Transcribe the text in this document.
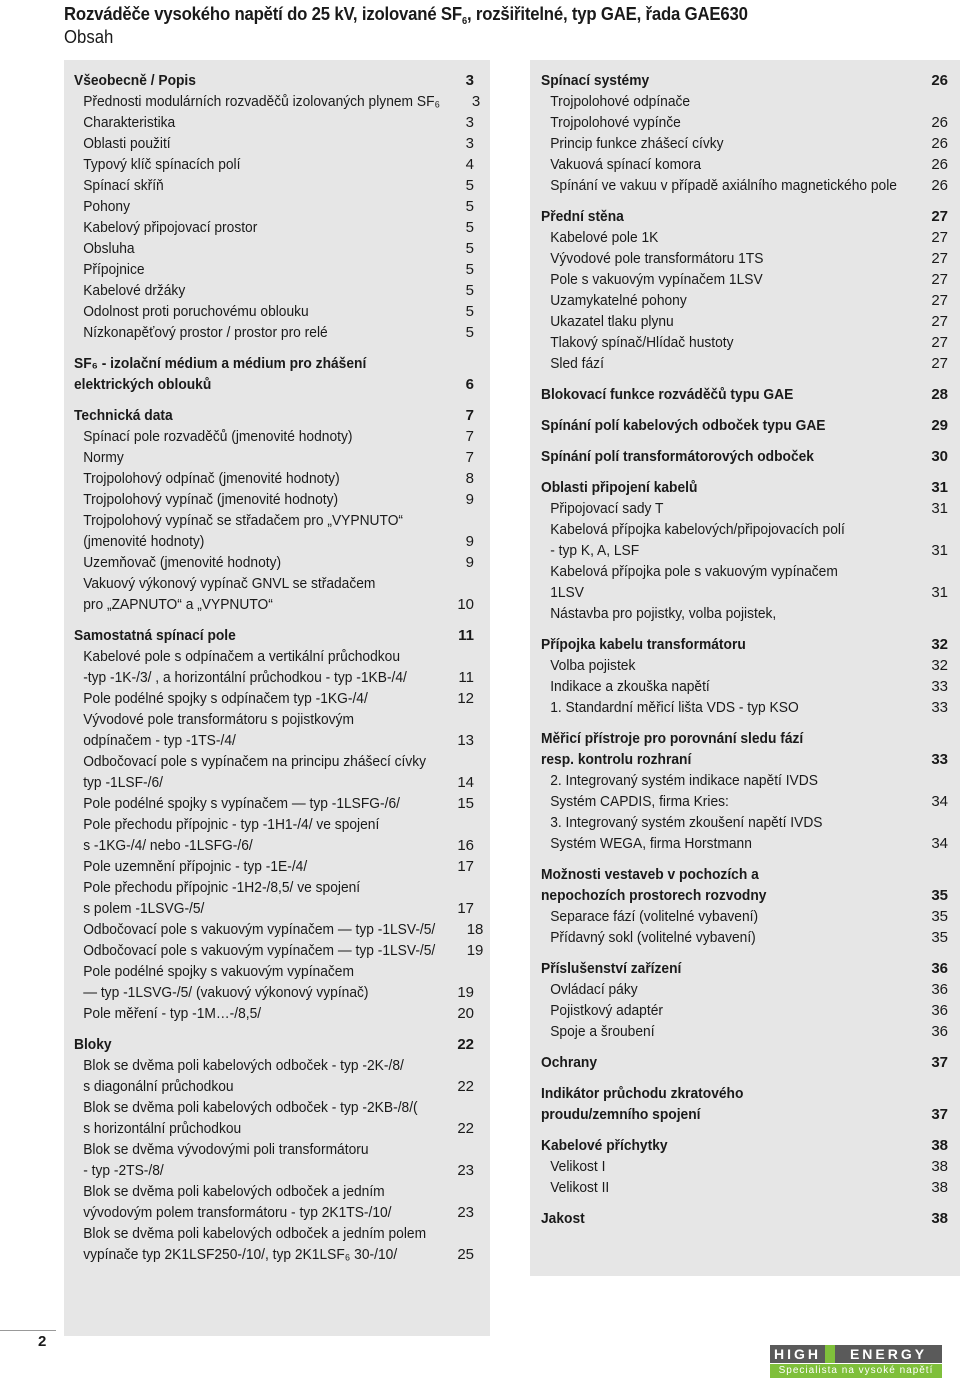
Rozváděče vysokého napětí do 25 kV, izolované $SF_6$, rozšiřitelné, typ GAE, řada GAE630
Obsah
Všeobecně / Popis	3
Přednosti modulárních rozvaděčů izolovaných plynem SF₆ 3
Charakteristika	3
Oblasti použití	3
Typový klíč spínacích polí	4
Spínací skříň	5
Pohony	5
Kabelový připojovací prostor	5
Obsluha	5
Přípojnice	5
Kabelové držáky	5
Odolnost proti poruchovému oblouku	5
Nízkonapěťový prostor / prostor pro relé	5
SF₆ - izolační médium a médium pro zhášení
elektrických oblouků	6
Technická data	7
Spínací pole rozvaděčů (jmenovité hodnoty)	7
Normy	7
Trojpolohový odpínač (jmenovité hodnoty)	8
Trojpolohový vypínač (jmenovité hodnoty)	9
Trojpolohový vypínač se střadačem pro „VYPNUTO“
(jmenovité hodnoty)	9
Uzemňovač (jmenovité hodnoty)	9
Vakuový výkonový vypínač GNVL se střadačem
pro „ZAPNUTO“ a „VYPNUTO“	10
Samostatná spínací pole	11
Kabelové pole s odpínačem a vertikální průchodkou
-typ -1K-/3/ , a horizontální průchodkou - typ -1KB-/4/	11
Pole podélné spojky s odpínačem typ -1KG-/4/	12
Vývodové pole transformátoru s pojistkovým
odpínačem - typ -1TS-/4/	13
Odbočovací pole s vypínačem na principu zhášecí cívky
typ -1LSF-/6/	14
Pole podélné spojky s vypínačem — typ -1LSFG-/6/	15
Pole přechodu přípojnic - typ -1H1-/4/ ve spojení
s -1KG-/4/ nebo -1LSFG-/6/	16
Pole uzemnění přípojnic - typ -1E-/4/	17
Pole přechodu přípojnic -1H2-/8,5/ ve spojení
s polem -1LSVG-/5/	17
Odbočovací pole s vakuovým vypínačem — typ -1LSV-/5/ 18
Odbočovací pole s vakuovým vypínačem — typ -1LSV-/5/ 19
Pole podélné spojky s vakuovým vypínačem
— typ -1LSVG-/5/ (vakuový výkonový vypínač)	19
Pole měření - typ -1M…-/8,5/	20
Bloky	22
Blok se dvěma poli kabelových odboček - typ -2K-/8/
s diagonální průchodkou	22
Blok se dvěma poli kabelových odboček - typ -2KB-/8/(
s horizontální průchodkou	22
Blok se dvěma vývodovými poli transformátoru
- typ -2TS-/8/	23
Blok se dvěma poli kabelových odboček a jedním
vývodovým polem transformátoru - typ 2K1TS-/10/	23
Blok se dvěma poli kabelových odboček a jedním polem
vypínače typ 2K1LSF250-/10/, typ 2K1LSF₆ 30-/10/	25
Spínací systémy	26
Trojpolohové odpínače
Trojpolohové vypínče	26
Princip funkce zhášecí cívky	26
Vakuová spínací komora	26
Spínání ve vakuu v případě axiálního magnetického pole 26
Přední stěna	27
Kabelové pole 1K	27
Vývodové pole transformátoru 1TS	27
Pole s vakuovým vypínačem 1LSV	27
Uzamykatelné pohony	27
Ukazatel tlaku plynu	27
Tlakový spínač/Hlídač hustoty	27
Sled fází	27
Blokovací funkce rozváděčů typu GAE	28
Spínání polí kabelových odboček typu GAE	29
Spínání polí transformátorových odboček	30
Oblasti připojení kabelů	31
Připojovací sady T	31
Kabelová přípojka kabelových/připojovacích polí
- typ K, A, LSF	31
Kabelová přípojka pole s vakuovým vypínačem
1LSV	31
Nástavba pro pojistky, volba pojistek,
Přípojka kabelu transformátoru	32
Volba pojistek	32
Indikace a zkouška napětí	33
1. Standardní měřicí lišta VDS - typ KSO	33
Měřicí přístroje pro porovnání sledu fází
resp. kontrolu rozhraní	33
2. Integrovaný systém indikace napětí IVDS
Systém CAPDIS, firma Kries:	34
3. Integrovaný systém zkoušení napětí IVDS
Systém WEGA, firma Horstmann	34
Možnosti vestaveb v pochozích a
nepochozích prostorech rozvodny	35
Separace fází (volitelné vybavení)	35
Přídavný sokl (volitelné vybavení)	35
Příslušenství zařízení	36
Ovládací páky	36
Pojistkový adaptér	36
Spoje a šroubení	36
Ochrany	37
Indikátor průchodu zkratového
proudu/zemního spojení	37
Kabelové příchytky	38
Velikost I	38
Velikost II	38
Jakost	38
2
HIGH	ENERGY
Specialista na vysoké napětí
